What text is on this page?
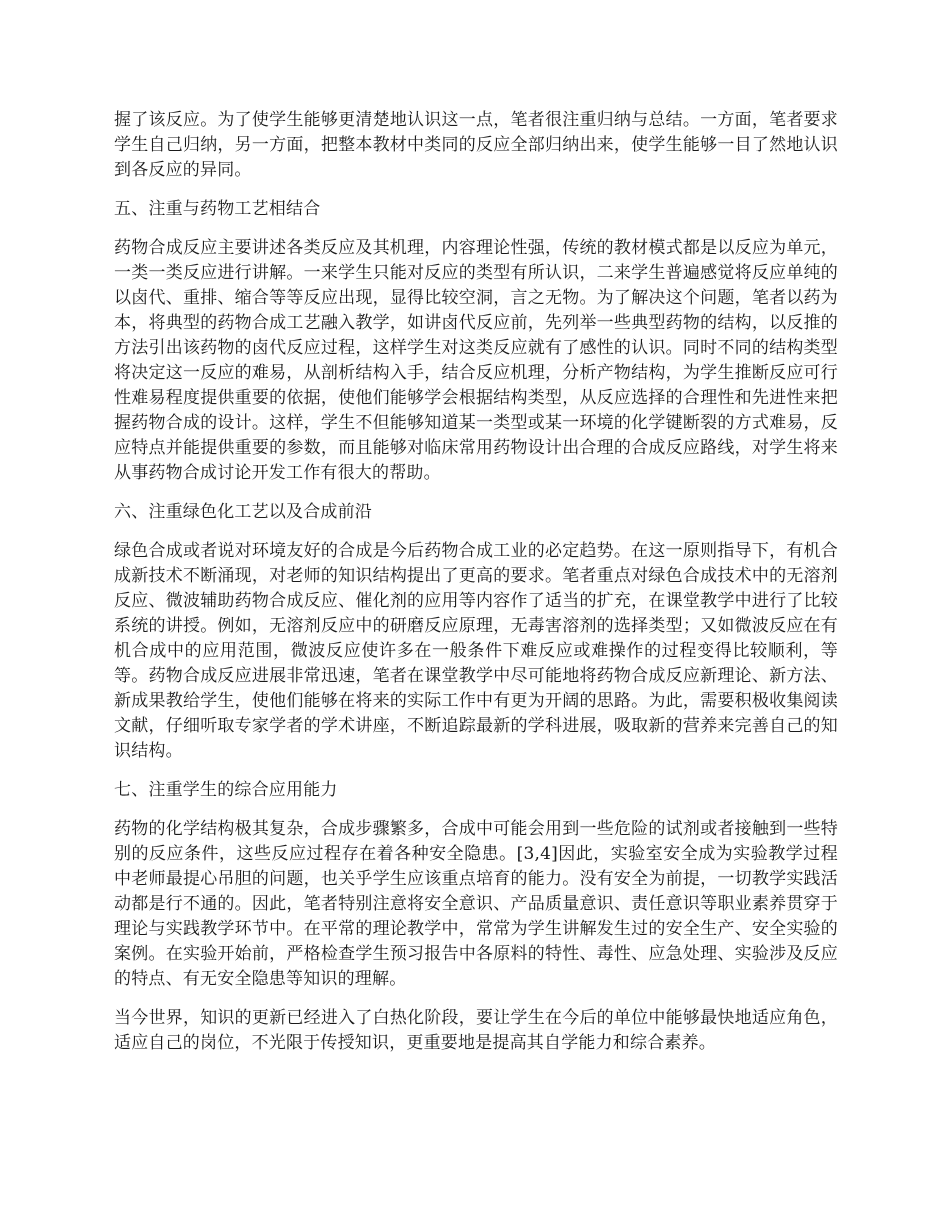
握了该反应。为了使学生能够更清楚地认识这一点，笔者很注重归纳与总结。一方面，笔者要求学生自己归纳，另一方面，把整本教材中类同的反应全部归纳出来，使学生能够一目了然地认识到各反应的异同。

五、注重与药物工艺相结合

药物合成反应主要讲述各类反应及其机理，内容理论性强，传统的教材模式都是以反应为单元，一类一类反应进行讲解。一来学生只能对反应的类型有所认识，二来学生普遍感觉将反应单纯的以卤代、重排、缩合等等反应出现，显得比较空洞，言之无物。为了解决这个问题，笔者以药为本，将典型的药物合成工艺融入教学，如讲卤代反应前，先列举一些典型药物的结构，以反推的方法引出该药物的卤代反应过程，这样学生对这类反应就有了感性的认识。同时不同的结构类型将决定这一反应的难易，从剖析结构入手，结合反应机理，分析产物结构，为学生推断反应可行性难易程度提供重要的依据，使他们能够学会根据结构类型，从反应选择的合理性和先进性来把握药物合成的设计。这样，学生不但能够知道某一类型或某一环境的化学键断裂的方式难易，反应特点并能提供重要的参数，而且能够对临床常用药物设计出合理的合成反应路线，对学生将来从事药物合成讨论开发工作有很大的帮助。

六、注重绿色化工艺以及合成前沿

绿色合成或者说对环境友好的合成是今后药物合成工业的必定趋势。在这一原则指导下，有机合成新技术不断涌现，对老师的知识结构提出了更高的要求。笔者重点对绿色合成技术中的无溶剂反应、微波辅助药物合成反应、催化剂的应用等内容作了适当的扩充，在课堂教学中进行了比较系统的讲授。例如，无溶剂反应中的研磨反应原理，无毒害溶剂的选择类型；又如微波反应在有机合成中的应用范围，微波反应使许多在一般条件下难反应或难操作的过程变得比较顺利，等等。药物合成反应进展非常迅速，笔者在课堂教学中尽可能地将药物合成反应新理论、新方法、新成果教给学生，使他们能够在将来的实际工作中有更为开阔的思路。为此，需要积极收集阅读文献，仔细听取专家学者的学术讲座，不断追踪最新的学科进展，吸取新的营养来完善自己的知识结构。

七、注重学生的综合应用能力

药物的化学结构极其复杂，合成步骤繁多，合成中可能会用到一些危险的试剂或者接触到一些特别的反应条件，这些反应过程存在着各种安全隐患。[3,4]因此，实验室安全成为实验教学过程中老师最提心吊胆的问题，也关乎学生应该重点培育的能力。没有安全为前提，一切教学实践活动都是行不通的。因此，笔者特别注意将安全意识、产品质量意识、责任意识等职业素养贯穿于理论与实践教学环节中。在平常的理论教学中，常常为学生讲解发生过的安全生产、安全实验的案例。在实验开始前，严格检查学生预习报告中各原料的特性、毒性、应急处理、实验涉及反应的特点、有无安全隐患等知识的理解。

当今世界，知识的更新已经进入了白热化阶段，要让学生在今后的单位中能够最快地适应角色，适应自己的岗位，不光限于传授知识，更重要地是提高其自学能力和综合素养。
